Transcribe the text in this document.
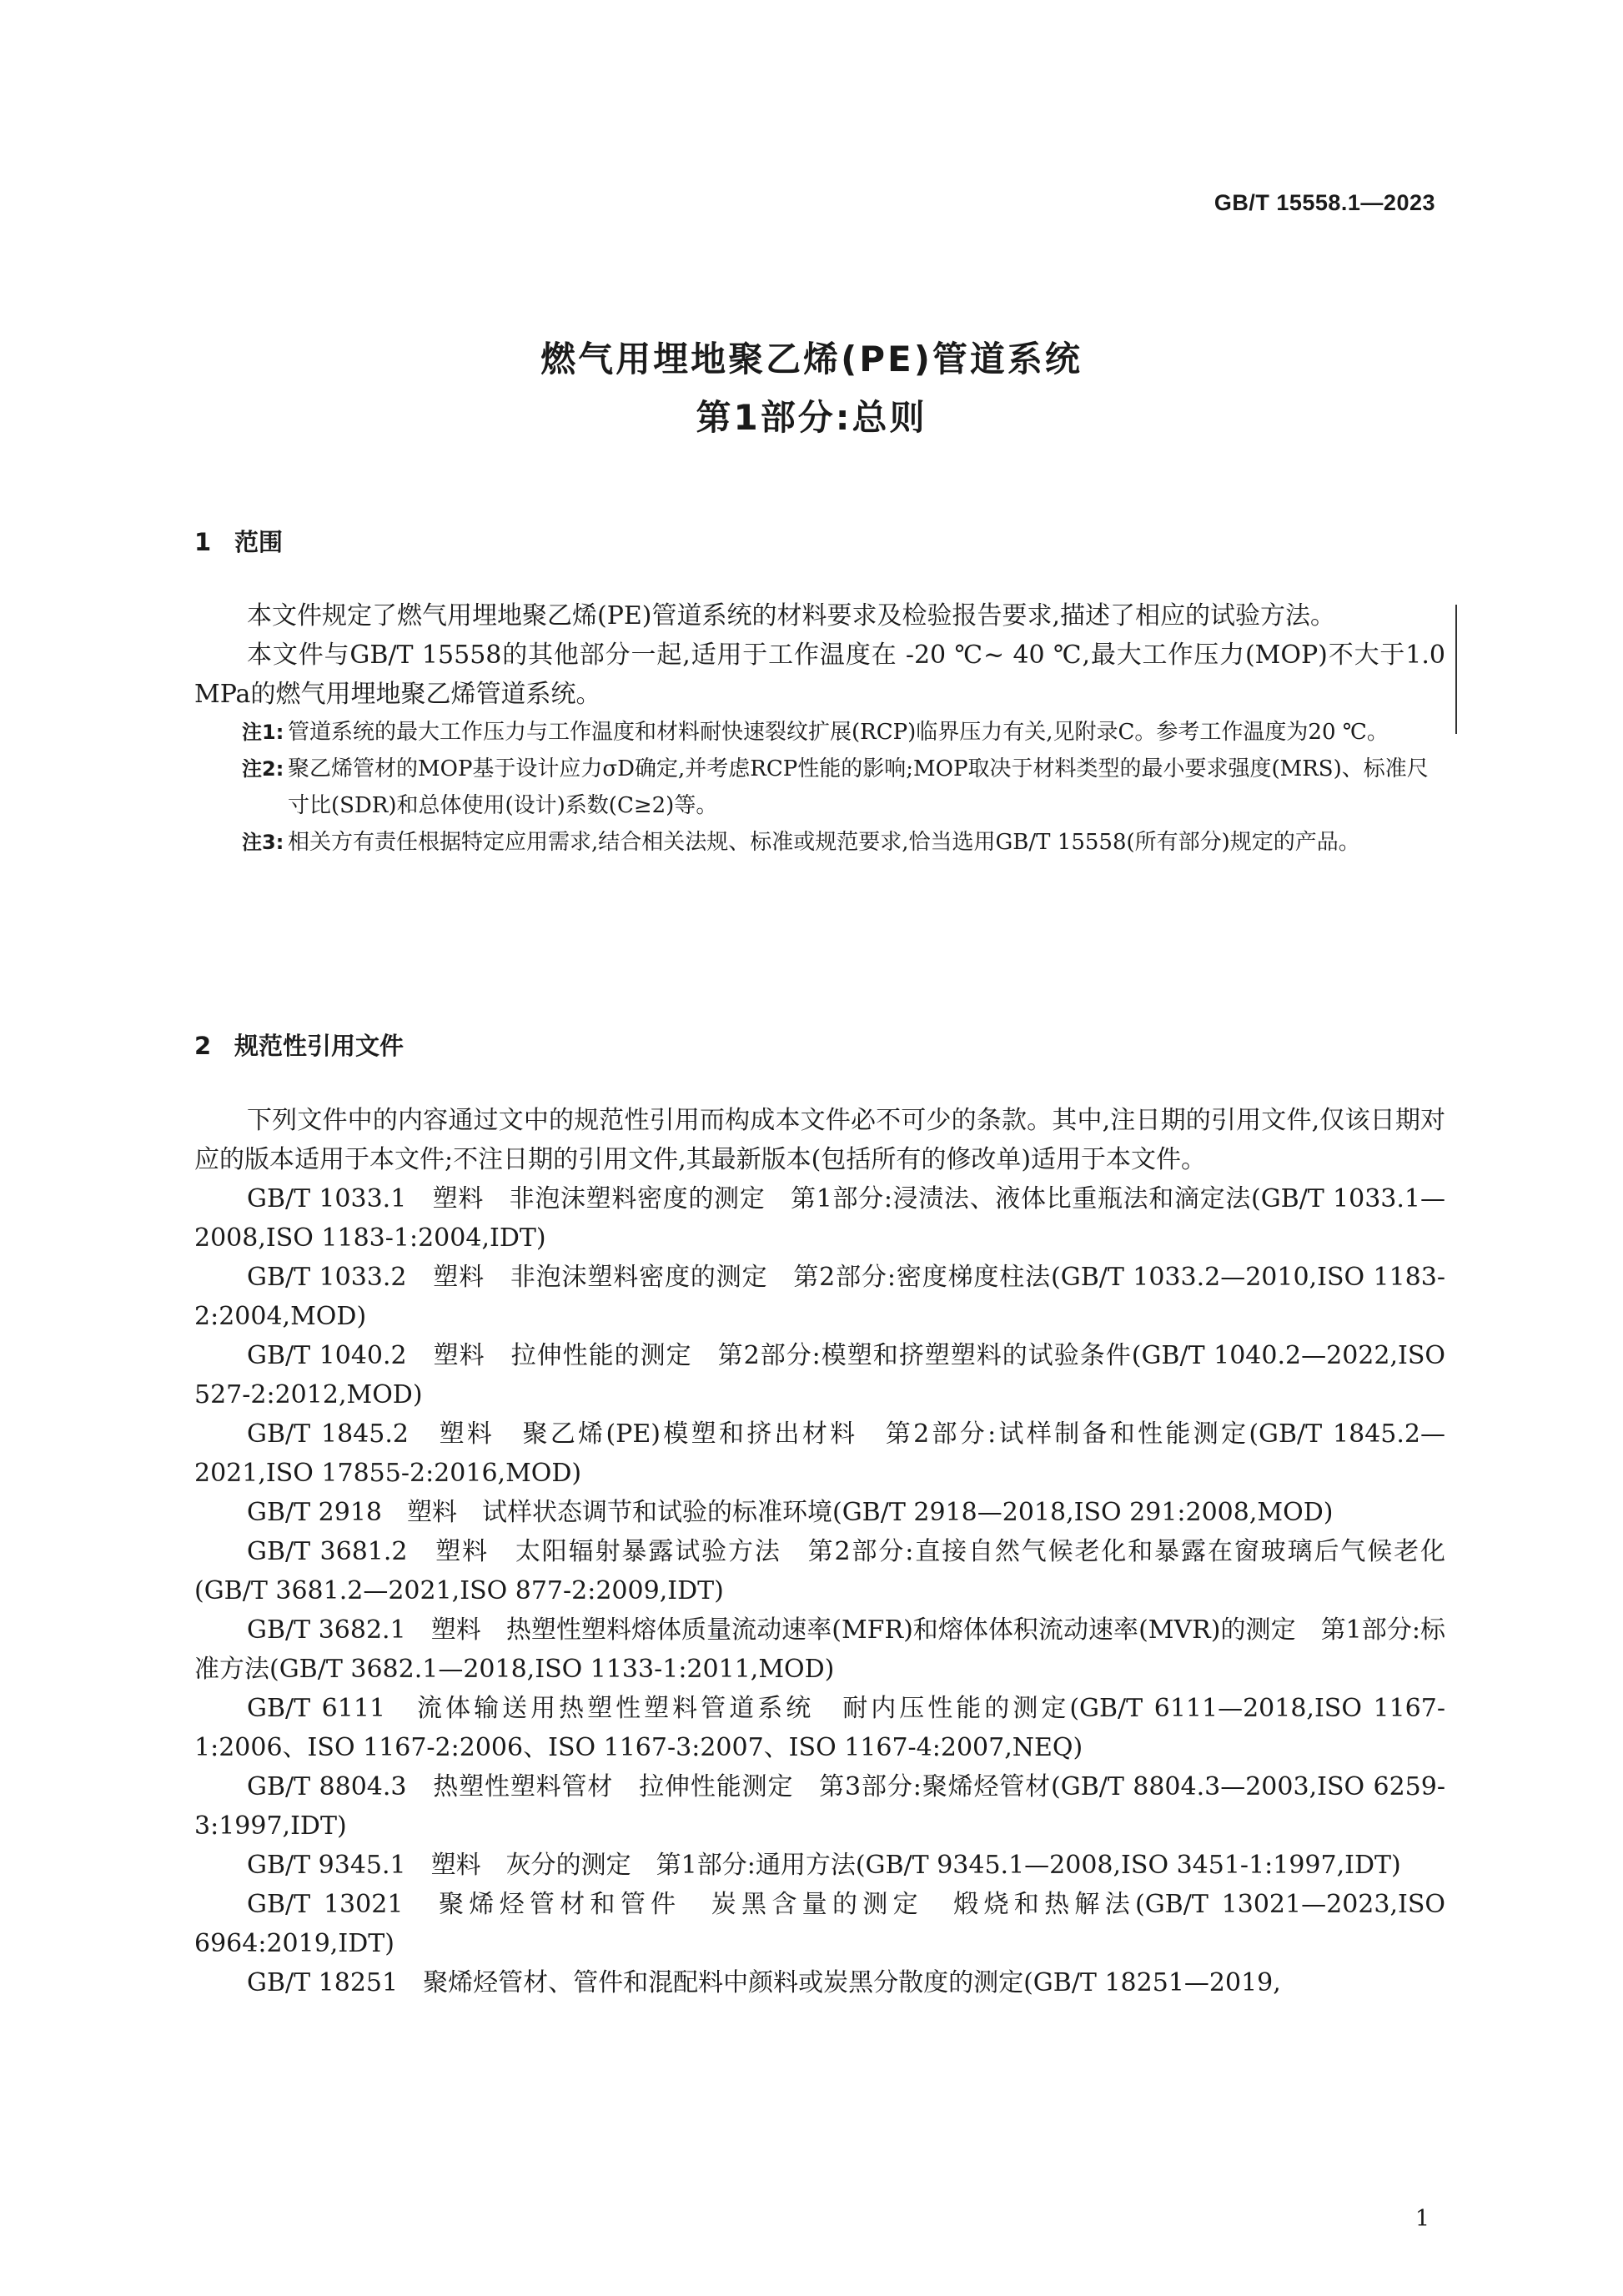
GB/T 15558.1—2023
燃气用埋地聚乙烯(PE)管道系统
第1部分:总则
1 范围

本文件规定了燃气用埋地聚乙烯(PE)管道系统的材料要求及检验报告要求,描述了相应的试验方法。

本文件与GB/T 15558的其他部分一起,适用于工作温度在 -20 ℃~ 40 ℃,最大工作压力(MOP)不大于1.0 MPa的燃气用埋地聚乙烯管道系统。

注1: 管道系统的最大工作压力与工作温度和材料耐快速裂纹扩展(RCP)临界压力有关,见附录C。参考工作温度为20 ℃。

注2: 聚乙烯管材的MOP基于设计应力σD确定,并考虑RCP性能的影响;MOP取决于材料类型的最小要求强度(MRS)、标准尺寸比(SDR)和总体使用(设计)系数(C≥2)等。

注3: 相关方有责任根据特定应用需求,结合相关法规、标准或规范要求,恰当选用GB/T 15558(所有部分)规定的产品。

2 规范性引用文件

下列文件中的内容通过文中的规范性引用而构成本文件必不可少的条款。其中,注日期的引用文件,仅该日期对应的版本适用于本文件;不注日期的引用文件,其最新版本(包括所有的修改单)适用于本文件。

GB/T 1033.1　塑料　非泡沫塑料密度的测定　第1部分:浸渍法、液体比重瓶法和滴定法(GB/T 1033.1—2008,ISO 1183-1:2004,IDT)

GB/T 1033.2　塑料　非泡沫塑料密度的测定　第2部分:密度梯度柱法(GB/T 1033.2—2010,ISO 1183-2:2004,MOD)

GB/T 1040.2　塑料　拉伸性能的测定　第2部分:模塑和挤塑塑料的试验条件(GB/T 1040.2—2022,ISO 527-2:2012,MOD)

GB/T 1845.2　塑料　聚乙烯(PE)模塑和挤出材料　第2部分:试样制备和性能测定(GB/T 1845.2—2021,ISO 17855-2:2016,MOD)

GB/T 2918　塑料　试样状态调节和试验的标准环境(GB/T 2918—2018,ISO 291:2008,MOD)

GB/T 3681.2　塑料　太阳辐射暴露试验方法　第2部分:直接自然气候老化和暴露在窗玻璃后气候老化(GB/T 3681.2—2021,ISO 877-2:2009,IDT)

GB/T 3682.1　塑料　热塑性塑料熔体质量流动速率(MFR)和熔体体积流动速率(MVR)的测定　第1部分:标准方法(GB/T 3682.1—2018,ISO 1133-1:2011,MOD)

GB/T 6111　流体输送用热塑性塑料管道系统　耐内压性能的测定(GB/T 6111—2018,ISO 1167-1:2006、ISO 1167-2:2006、ISO 1167-3:2007、ISO 1167-4:2007,NEQ)

GB/T 8804.3　热塑性塑料管材　拉伸性能测定　第3部分:聚烯烃管材(GB/T 8804.3—2003,ISO 6259-3:1997,IDT)

GB/T 9345.1　塑料　灰分的测定　第1部分:通用方法(GB/T 9345.1—2008,ISO 3451-1:1997,IDT)

GB/T 13021　聚烯烃管材和管件　炭黑含量的测定　煅烧和热解法(GB/T 13021—2023,ISO 6964:2019,IDT)

GB/T 18251　聚烯烃管材、管件和混配料中颜料或炭黑分散度的测定(GB/T 18251—2019,

1
